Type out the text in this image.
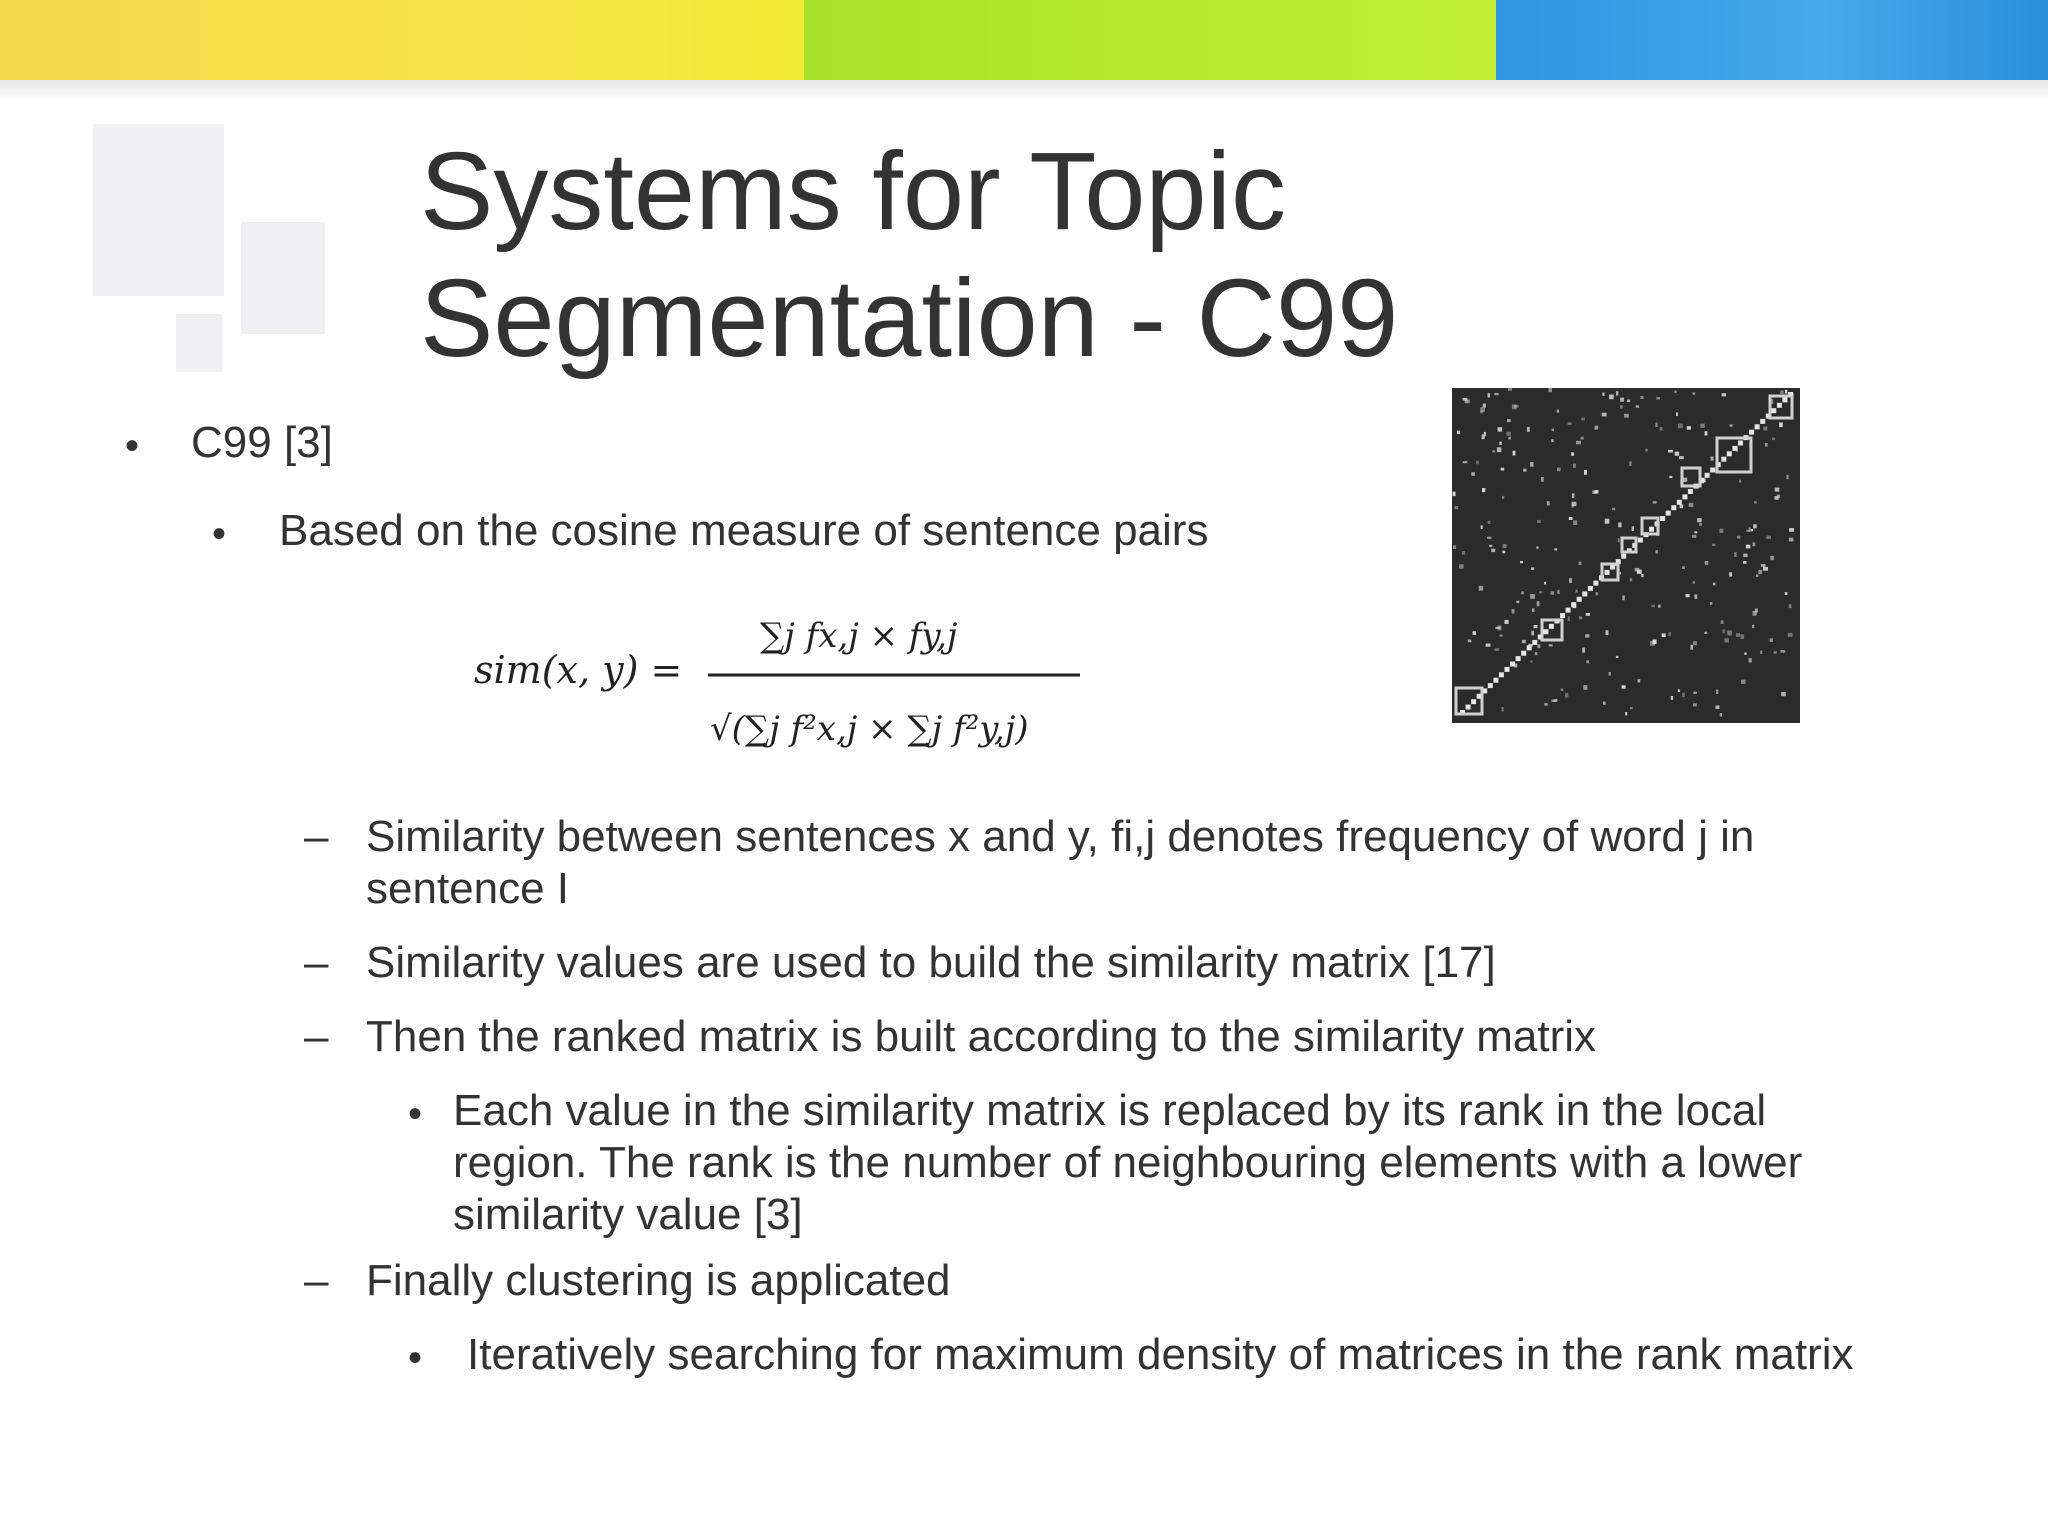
Systems for Topic
Segmentation - C99
• C99 [3]
• Based on the cosine measure of sentence pairs
sim(x, y) =
∑j fx,j × fy,j
√(∑j f²x,j × ∑j f²y,j)
– Similarity between sentences x and y, fi,j denotes frequency of word j in
sentence I
– Similarity values are used to build the similarity matrix [17]
– Then the ranked matrix is built according to the similarity matrix
• Each value in the similarity matrix is replaced by its rank in the local
region. The rank is the number of neighbouring elements with a lower
similarity value [3]
– Finally clustering is applicated
• Iteratively searching for maximum density of matrices in the rank matrix
